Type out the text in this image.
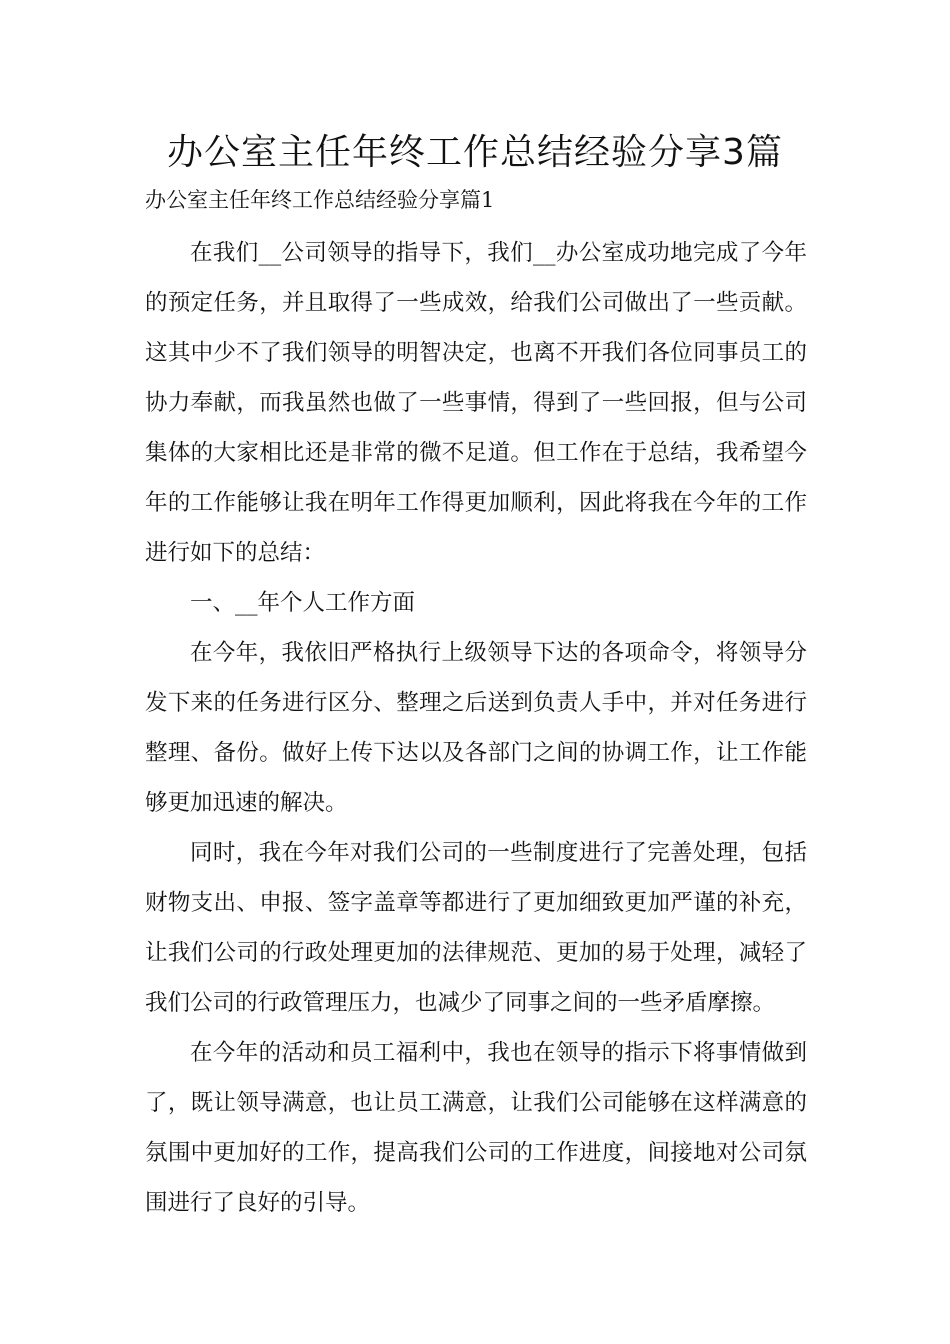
办公室主任年终工作总结经验分享3篇

办公室主任年终工作总结经验分享篇1

在我们__公司领导的指导下，我们__办公室成功地完成了今年的预定任务，并且取得了一些成效，给我们公司做出了一些贡献。这其中少不了我们领导的明智决定，也离不开我们各位同事员工的协力奉献，而我虽然也做了一些事情，得到了一些回报，但与公司集体的大家相比还是非常的微不足道。但工作在于总结，我希望今年的工作能够让我在明年工作得更加顺利，因此将我在今年的工作进行如下的总结：

一、__年个人工作方面

在今年，我依旧严格执行上级领导下达的各项命令，将领导分发下来的任务进行区分、整理之后送到负责人手中，并对任务进行整理、备份。做好上传下达以及各部门之间的协调工作，让工作能够更加迅速的解决。

同时，我在今年对我们公司的一些制度进行了完善处理，包括财物支出、申报、签字盖章等都进行了更加细致更加严谨的补充，让我们公司的行政处理更加的法律规范、更加的易于处理，减轻了我们公司的行政管理压力，也减少了同事之间的一些矛盾摩擦。

在今年的活动和员工福利中，我也在领导的指示下将事情做到了，既让领导满意，也让员工满意，让我们公司能够在这样满意的氛围中更加好的工作，提高我们公司的工作进度，间接地对公司氛围进行了良好的引导。
